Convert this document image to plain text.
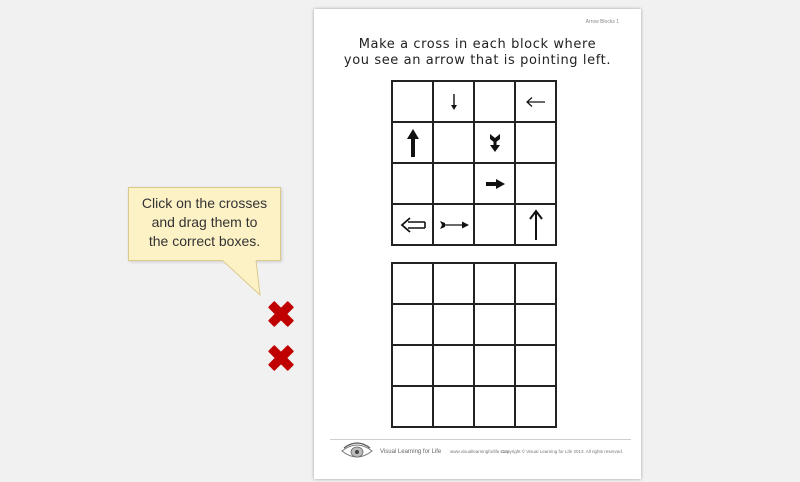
Arrow Blocks 1
Make a cross in each block where
you see an arrow that is pointing left.
Visual Learning for Life www.visuallearningforlife.com
Copyright © Visual Learning for Life 2013. All rights reserved.
Click on the crosses
and drag them to
the correct boxes.
